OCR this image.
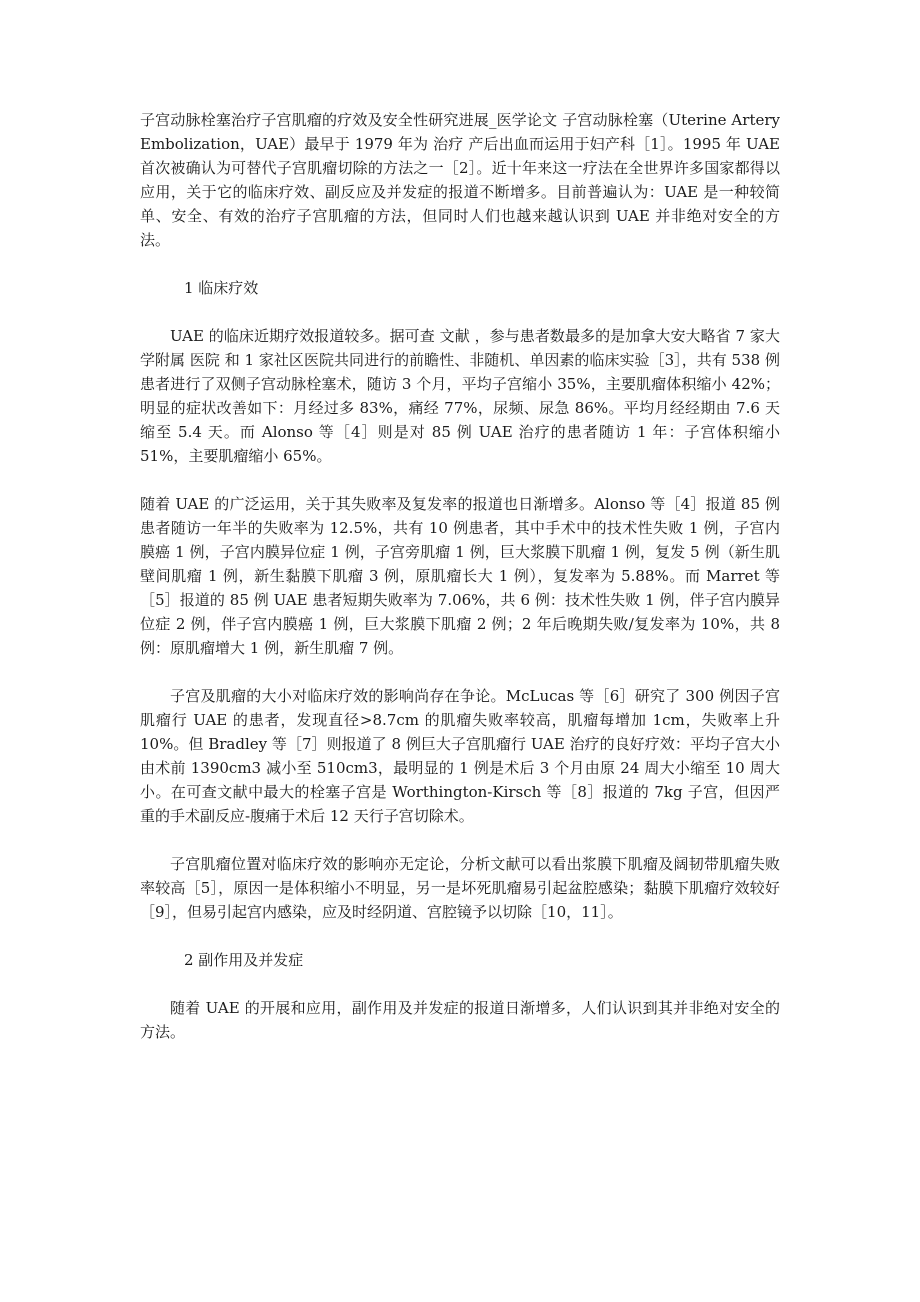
子宫动脉栓塞治疗子宫肌瘤的疗效及安全性研究进展_医学论文 子宫动脉栓塞（Uterine Artery Embolization，UAE）最早于 1979 年为 治疗 产后出血而运用于妇产科［1］。1995 年 UAE 首次被确认为可替代子宫肌瘤切除的方法之一［2］。近十年来这一疗法在全世界许多国家都得以应用，关于它的临床疗效、副反应及并发症的报道不断增多。目前普遍认为：UAE 是一种较简单、安全、有效的治疗子宫肌瘤的方法，但同时人们也越来越认识到 UAE 并非绝对安全的方法。

1 临床疗效

UAE 的临床近期疗效报道较多。据可查 文献 ，参与患者数最多的是加拿大安大略省 7 家大学附属 医院 和 1 家社区医院共同进行的前瞻性、非随机、单因素的临床实验［3］，共有 538 例患者进行了双侧子宫动脉栓塞术，随访 3 个月，平均子宫缩小 35%，主要肌瘤体积缩小 42%；明显的症状改善如下：月经过多 83%，痛经 77%，尿频、尿急 86%。平均月经经期由 7.6 天缩至 5.4 天。而 Alonso 等［4］则是对 85 例 UAE 治疗的患者随访 1 年：子宫体积缩小 51%，主要肌瘤缩小 65%。

随着 UAE 的广泛运用，关于其失败率及复发率的报道也日渐增多。Alonso 等［4］报道 85 例患者随访一年半的失败率为 12.5%，共有 10 例患者，其中手术中的技术性失败 1 例，子宫内膜癌 1 例，子宫内膜异位症 1 例，子宫旁肌瘤 1 例，巨大浆膜下肌瘤 1 例，复发 5 例（新生肌壁间肌瘤 1 例，新生黏膜下肌瘤 3 例，原肌瘤长大 1 例），复发率为 5.88%。而 Marret 等［5］报道的 85 例 UAE 患者短期失败率为 7.06%，共 6 例：技术性失败 1 例，伴子宫内膜异位症 2 例，伴子宫内膜癌 1 例，巨大浆膜下肌瘤 2 例；2 年后晚期失败/复发率为 10%，共 8 例：原肌瘤增大 1 例，新生肌瘤 7 例。

子宫及肌瘤的大小对临床疗效的影响尚存在争论。McLucas 等［6］研究了 300 例因子宫肌瘤行 UAE 的患者，发现直径>8.7cm 的肌瘤失败率较高，肌瘤每增加 1cm，失败率上升 10%。但 Bradley 等［7］则报道了 8 例巨大子宫肌瘤行 UAE 治疗的良好疗效：平均子宫大小由术前 1390cm3 减小至 510cm3，最明显的 1 例是术后 3 个月由原 24 周大小缩至 10 周大小。在可查文献中最大的栓塞子宫是 Worthington-Kirsch 等［8］报道的 7kg 子宫，但因严重的手术副反应-腹痛于术后 12 天行子宫切除术。

子宫肌瘤位置对临床疗效的影响亦无定论，分析文献可以看出浆膜下肌瘤及阔韧带肌瘤失败率较高［5］，原因一是体积缩小不明显，另一是坏死肌瘤易引起盆腔感染；黏膜下肌瘤疗效较好［9］，但易引起宫内感染，应及时经阴道、宫腔镜予以切除［10，11］。

2 副作用及并发症

随着 UAE 的开展和应用，副作用及并发症的报道日渐增多，人们认识到其并非绝对安全的方法。
